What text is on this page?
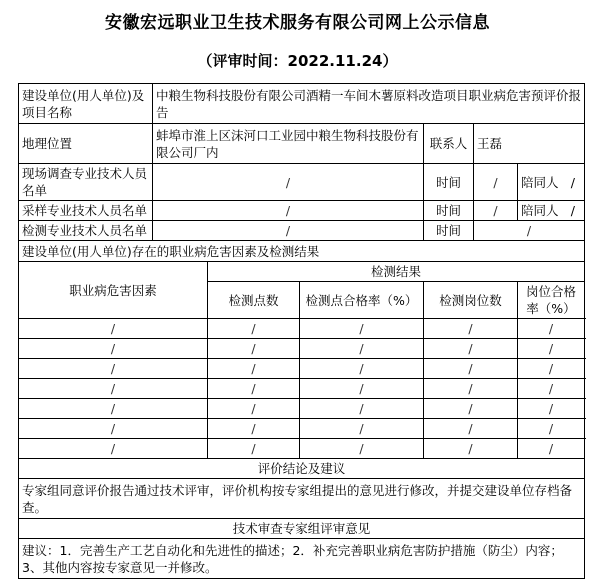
安徽宏远职业卫生技术服务有限公司网上公示信息
（评审时间：2022.11.24）
建设单位(用人单位)及项目名称	中粮生物科技股份有限公司酒精一车间木薯原料改造项目职业病危害预评价报告					
地理位置	蚌埠市淮上区沫河口工业园中粮生物科技股份有限公司厂内			联系人	王磊	
现场调查专业技术人员名单	/			时间	/	陪同人 /

采样专业技术人员名单	/			时间	/	陪同人 /

检测专业技术人员名单	/			时间	/	
建设单位(用人单位)存在的职业病危害因素及检测结果						
职业病危害因素		检测结果				
		检测点数	检测点合格率（%）	检测岗位数		岗位合格率（%）
/		/	/	/		/
/		/	/	/		/
/		/	/	/		/
/		/	/	/		/
/		/	/	/		/
/		/	/	/		/
/		/	/	/		/
评价结论及建议						
专家组同意评价报告通过技术评审，评价机构按专家组提出的意见进行修改，并提交建设单位存档备查。						
技术审查专家组评审意见						
建议：1．完善生产工艺自动化和先进性的描述；2．补充完善职业病危害防护措施（防尘）内容；3、其他内容按专家意见一并修改。						
